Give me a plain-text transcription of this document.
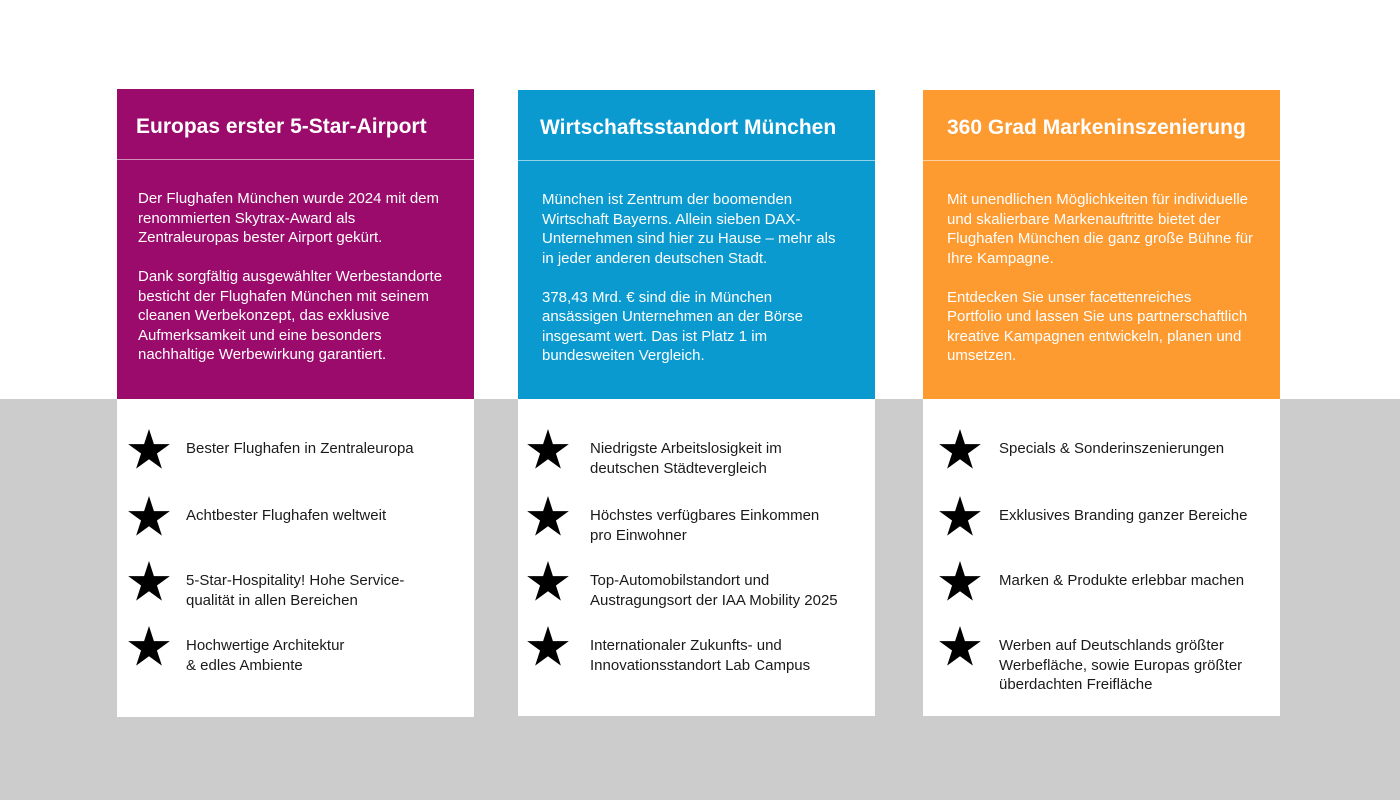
Europas erster 5-Star-Airport

Der Flughafen München wurde 2024 mit dem
renommierten Skytrax-Award als
Zentraleuropas bester Airport gekürt.

Dank sorgfältig ausgewählter Werbestandorte
besticht der Flughafen München mit seinem
cleanen Werbekonzept, das exklusive
Aufmerksamkeit und eine besonders
nachhaltige Werbewirkung garantiert.

Bester Flughafen in Zentraleuropa
Achtbester Flughafen weltweit
5-Star-Hospitality! Hohe Service-
qualität in allen Bereichen
Hochwertige Architektur
& edles Ambiente
Wirtschaftsstandort München

München ist Zentrum der boomenden
Wirtschaft Bayerns. Allein sieben DAX-
Unternehmen sind hier zu Hause – mehr als
in jeder anderen deutschen Stadt.

378,43 Mrd. € sind die in München
ansässigen Unternehmen an der Börse
insgesamt wert. Das ist Platz 1 im
bundesweiten Vergleich.

Niedrigste Arbeitslosigkeit im
deutschen Städtevergleich
Höchstes verfügbares Einkommen
pro Einwohner
Top-Automobilstandort und
Austragungsort der IAA Mobility 2025
Internationaler Zukunfts- und
Innovationsstandort Lab Campus
360 Grad Markeninszenierung

Mit unendlichen Möglichkeiten für individuelle
und skalierbare Markenauftritte bietet der
Flughafen München die ganz große Bühne für
Ihre Kampagne.

Entdecken Sie unser facettenreiches
Portfolio und lassen Sie uns partnerschaftlich
kreative Kampagnen entwickeln, planen und
umsetzen.

Specials & Sonderinszenierungen
Exklusives Branding ganzer Bereiche
Marken & Produkte erlebbar machen
Werben auf Deutschlands größter
Werbefläche, sowie Europas größter
überdachten Freifläche
